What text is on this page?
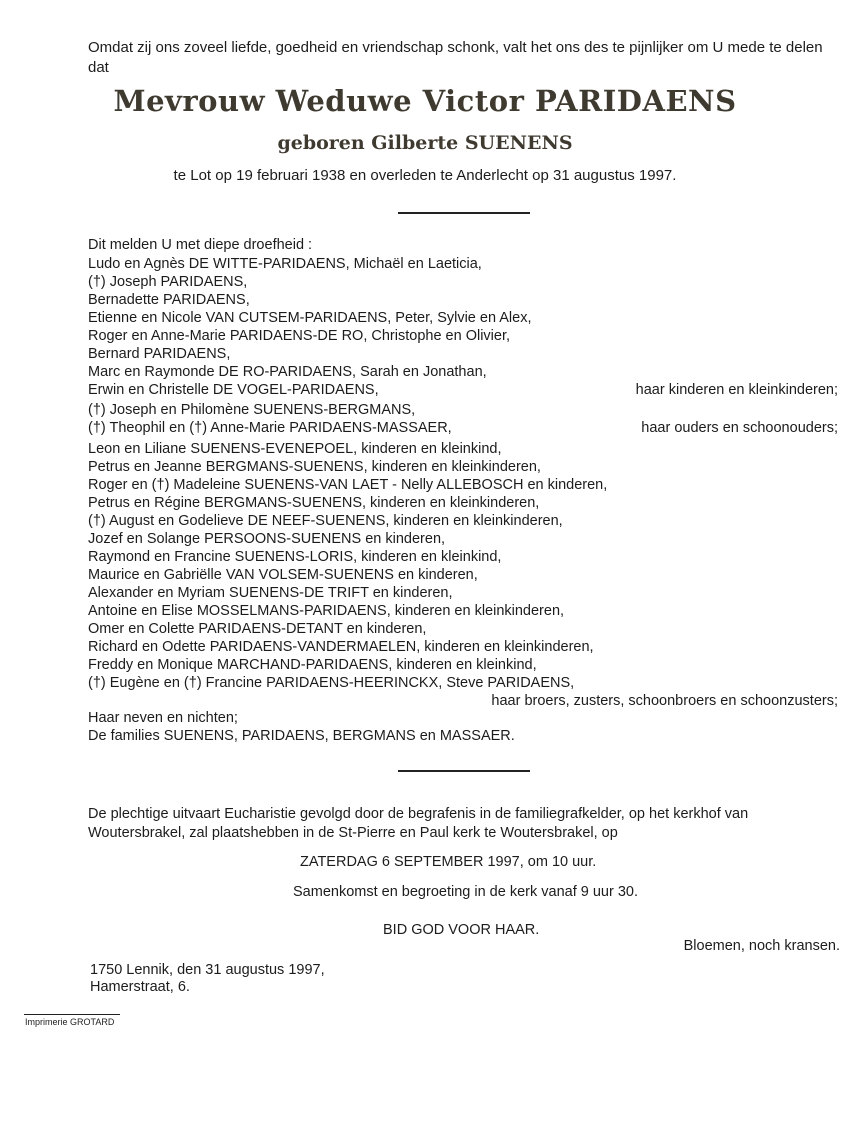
Omdat zij ons zoveel liefde, goedheid en vriendschap schonk, valt het ons des te pijnlijker om U mede te delen dat
Mevrouw Weduwe Victor PARIDAENS
geboren Gilberte SUENENS
te Lot op 19 februari 1938 en overleden te Anderlecht op 31 augustus 1997.
Dit melden U met diepe droefheid :
Ludo en Agnès DE WITTE-PARIDAENS, Michaël en Laeticia,
(†) Joseph PARIDAENS,
Bernadette PARIDAENS,
Etienne en Nicole VAN CUTSEM-PARIDAENS, Peter, Sylvie en Alex,
Roger en Anne-Marie PARIDAENS-DE RO, Christophe en Olivier,
Bernard PARIDAENS,
Marc en Raymonde DE RO-PARIDAENS, Sarah en Jonathan,
Erwin en Christelle DE VOGEL-PARIDAENS,
(†) Joseph en Philomène SUENENS-BERGMANS,
(†) Theophil en (†) Anne-Marie PARIDAENS-MASSAER,
Leon en Liliane SUENENS-EVENEPOEL, kinderen en kleinkind,
Petrus en Jeanne BERGMANS-SUENENS, kinderen en kleinkinderen,
Roger en (†) Madeleine SUENENS-VAN LAET - Nelly ALLEBOSCH en kinderen,
Petrus en Régine BERGMANS-SUENENS, kinderen en kleinkinderen,
(†) August en Godelieve DE NEEF-SUENENS, kinderen en kleinkinderen,
Jozef en Solange PERSOONS-SUENENS en kinderen,
Raymond en Francine SUENENS-LORIS, kinderen en kleinkind,
Maurice en Gabriëlle VAN VOLSEM-SUENENS en kinderen,
Alexander en Myriam SUENENS-DE TRIFT en kinderen,
Antoine en Elise MOSSELMANS-PARIDAENS, kinderen en kleinkinderen,
Omer en Colette PARIDAENS-DETANT en kinderen,
Richard en Odette PARIDAENS-VANDERMAELEN, kinderen en kleinkinderen,
Freddy en Monique MARCHAND-PARIDAENS, kinderen en kleinkind,
(†) Eugène en (†) Francine PARIDAENS-HEERINCKX, Steve PARIDAENS,
Haar neven en nichten;
De families SUENENS, PARIDAENS, BERGMANS en MASSAER.
haar kinderen en kleinkinderen;
haar ouders en schoonouders;
haar broers, zusters, schoonbroers en schoonzusters;
De plechtige uitvaart Eucharistie gevolgd door de begrafenis in de familiegrafkelder, op het kerkhof van Woutersbrakel, zal plaatshebben in de St-Pierre en Paul kerk te Woutersbrakel, op
ZATERDAG 6 SEPTEMBER 1997, om 10 uur.
Samenkomst en begroeting in de kerk vanaf 9 uur 30.
BID GOD VOOR HAAR.
Bloemen, noch kransen.
1750 Lennik, den 31 augustus 1997,
Hamerstraat, 6.
Imprimerie GROTARD
